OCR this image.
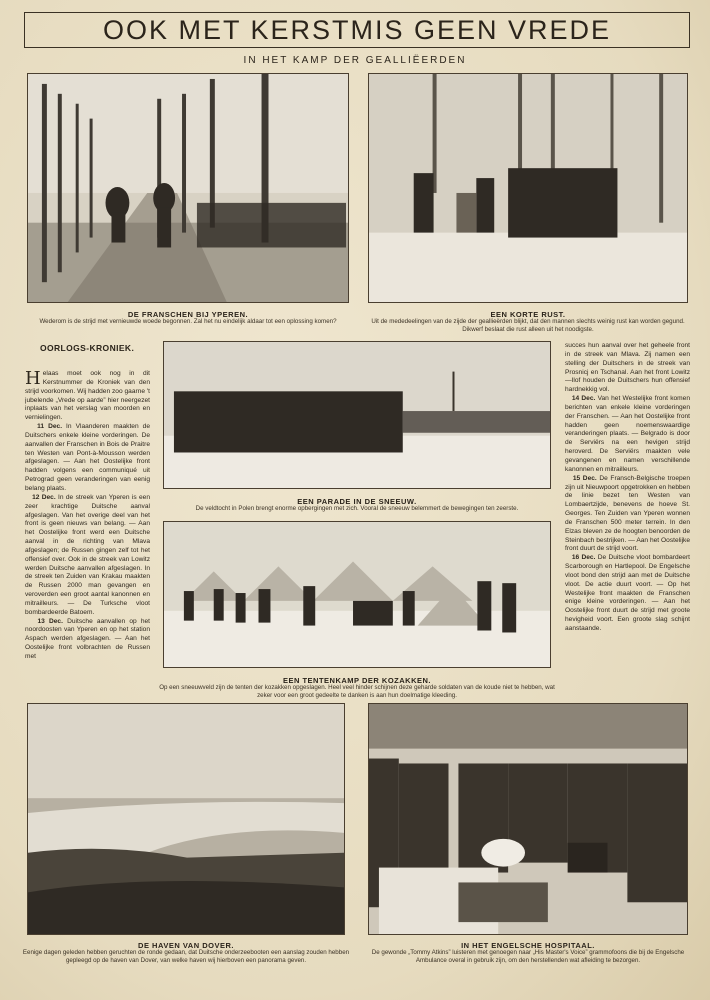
OOK MET KERSTMIS GEEN VREDE
IN HET KAMP DER GEALLIËERDEN
DE FRANSCHEN BIJ YPEREN.
Wederom is de strijd met vernieuwde woede begonnen. Zal het nu eindelijk aldaar tot een oplossing komen?
EEN KORTE RUST.
Uit de mededeelingen van de zijde der geallieërden blijkt, dat den mannen slechts weinig rust kan worden gegund. Dikwerf beslaat die rust alleen uit het noodigste.
OORLOGS-KRONIEK.

Helaas moet ook nog in dit Kerstnummer de Kroniek van den strijd voorkomen. Wij hadden zoo gaarne 't jubelende „Vrede op aarde” hier neergezet inplaats van het verslag van moorden en vernielingen.

11 Dec. In Vlaanderen maakten de Duitschers enkele kleine vorderingen. De aanvallen der Franschen in Bois de Praitre ten Westen van Pont-à-Mousson werden afgeslagen. — Aan het Oostelijke front hadden volgens een communiqué uit Petrograd geen veranderingen van eenig belang plaats.

12 Dec. In de streek van Yperen is een zeer krachtige Duitsche aanval afgeslagen. Van het overige deel van het front is geen nieuws van belang. — Aan het Oostelijke front werd een Duitsche aanval in de richting van Mlava afgeslagen; de Russen gingen zelf tot het offensief over. Ook in de streek van Lowitz werden Duitsche aanvallen afgeslagen. In de streek ten Zuiden van Krakau maakten de Russen 2000 man gevangen en veroverden een groot aantal kanonnen en mitrailleurs. — De Turksche vloot bombardeerde Batoem.

13 Dec. Duitsche aanvallen op het noordoosten van Yperen en op het station Aspach werden afgeslagen. — Aan het Oostelijke front volbrachten de Russen met

EEN PARADE IN DE SNEEUW.
De veldtocht in Polen brengt enorme opbergingen met zich. Vooral de sneeuw belemmert de bewegingen ten zeerste.
EEN TENTENKAMP DER KOZAKKEN.
Op een sneeuwveld zijn de tenten der kozakken opgeslagen. Heel veel hinder schijnen deze geharde soldaten van de koude niet te hebben, wat zeker voor een groot gedeelte te danken is aan hun doelmatige kleeding.

succes hun aanval over het geheele front in de streek van Mlava. Zij namen een stelling der Duitschers in de streek van Prosnicj en Tschanal. Aan het front Lowitz—Ilof houden de Duitschers hun offensief hardnekkig vol.

14 Dec. Van het Westelijke front komen berichten van enkele kleine vorderingen der Franschen. — Aan het Oostelijke front hadden geen noemenswaardige veranderingen plaats. — Belgrado is door de Serviërs na een hevigen strijd heroverd. De Serviërs maakten vele gevangenen en namen verschillende kanonnen en mitrailleurs.

15 Dec. De Fransch-Belgische troepen zijn uit Nieuwpoort opgetrokken en hebben de linie bezet ten Westen van Lombaertzijde, benevens de hoeve St. Georges. Ten Zuiden van Yperen wonnen de Franschen 500 meter terrein. In den Elzas bleven ze de hoogten benoorden de Steinbach bestrijken. — Aan het Oostelijke front duurt de strijd voort.

16 Dec. De Duitsche vloot bombardeert Scarborough en Hartlepool. De Engelsche vloot bond den strijd aan met de Duitsche vloot. De actie duurt voort. — Op het Westelijke front maakten de Franschen enige kleine vorderingen. — Aan het Oostelijke front duurt de strijd met groote hevigheid voort. Een groote slag schijnt aanstaande.

DE HAVEN VAN DOVER.
Eenige dagen geleden hebben geruchten de ronde gedaan, dat Duitsche onderzeebooten een aanslag zouden hebben gepleegd op de haven van Dover, van welke haven wij hierboven een panorama geven.
IN HET ENGELSCHE HOSPITAAL.
De gewonde „Tommy Atkins” luisteren met genoegen naar „His Master's Voice” grammofoons die bij de Engelsche Ambulance overal in gebruik zijn, om den herstellenden wat afleiding te bezorgen.
